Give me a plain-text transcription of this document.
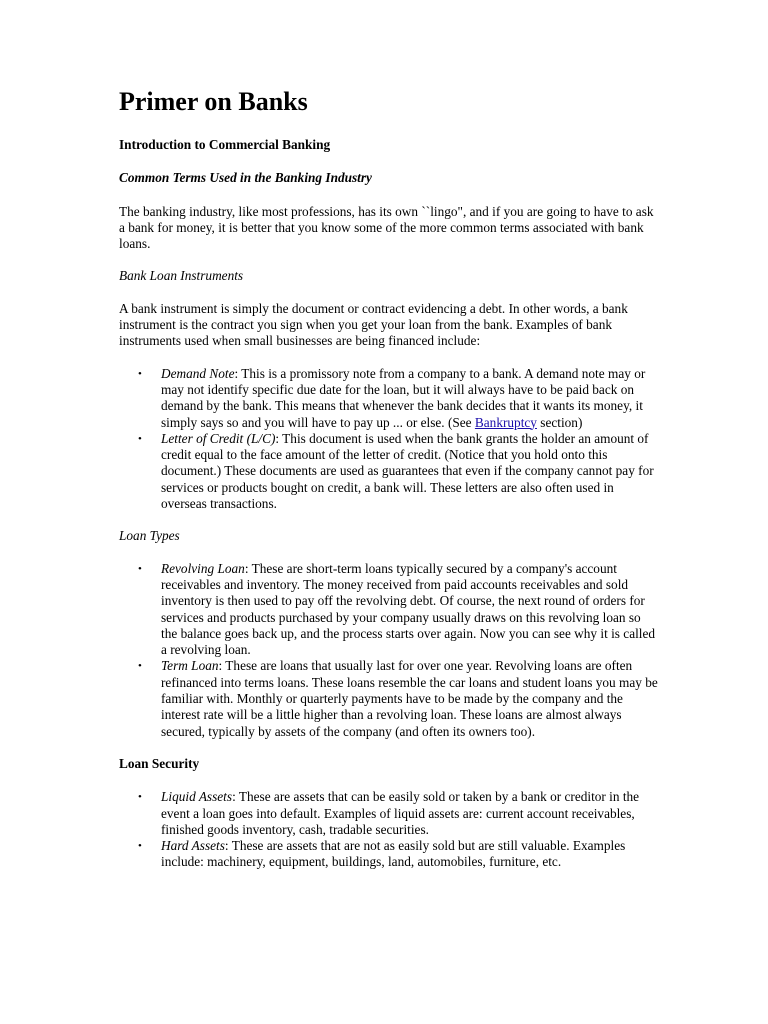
Primer on Banks

Introduction to Commercial Banking

Common Terms Used in the Banking Industry

The banking industry, like most professions, has its own ``lingo", and if you are going to have to ask a bank for money, it is better that you know some of the more common terms associated with bank loans.

Bank Loan Instruments

A bank instrument is simply the document or contract evidencing a debt. In other words, a bank instrument is the contract you sign when you get your loan from the bank. Examples of bank instruments used when small businesses are being financed include:

• Demand Note: This is a promissory note from a company to a bank. A demand note may or may not identify specific due date for the loan, but it will always have to be paid back on demand by the bank. This means that whenever the bank decides that it wants its money, it simply says so and you will have to pay up ... or else. (See Bankruptcy section)
• Letter of Credit (L/C): This document is used when the bank grants the holder an amount of credit equal to the face amount of the letter of credit. (Notice that you hold onto this document.) These documents are used as guarantees that even if the company cannot pay for services or products bought on credit, a bank will. These letters are also often used in overseas transactions.

Loan Types

• Revolving Loan: These are short-term loans typically secured by a company's account receivables and inventory. The money received from paid accounts receivables and sold inventory is then used to pay off the revolving debt. Of course, the next round of orders for services and products purchased by your company usually draws on this revolving loan so the balance goes back up, and the process starts over again. Now you can see why it is called a revolving loan.
• Term Loan: These are loans that usually last for over one year. Revolving loans are often refinanced into terms loans. These loans resemble the car loans and student loans you may be familiar with. Monthly or quarterly payments have to be made by the company and the interest rate will be a little higher than a revolving loan. These loans are almost always secured, typically by assets of the company (and often its owners too).

Loan Security

• Liquid Assets: These are assets that can be easily sold or taken by a bank or creditor in the event a loan goes into default. Examples of liquid assets are: current account receivables, finished goods inventory, cash, tradable securities.
• Hard Assets: These are assets that are not as easily sold but are still valuable. Examples include: machinery, equipment, buildings, land, automobiles, furniture, etc.
